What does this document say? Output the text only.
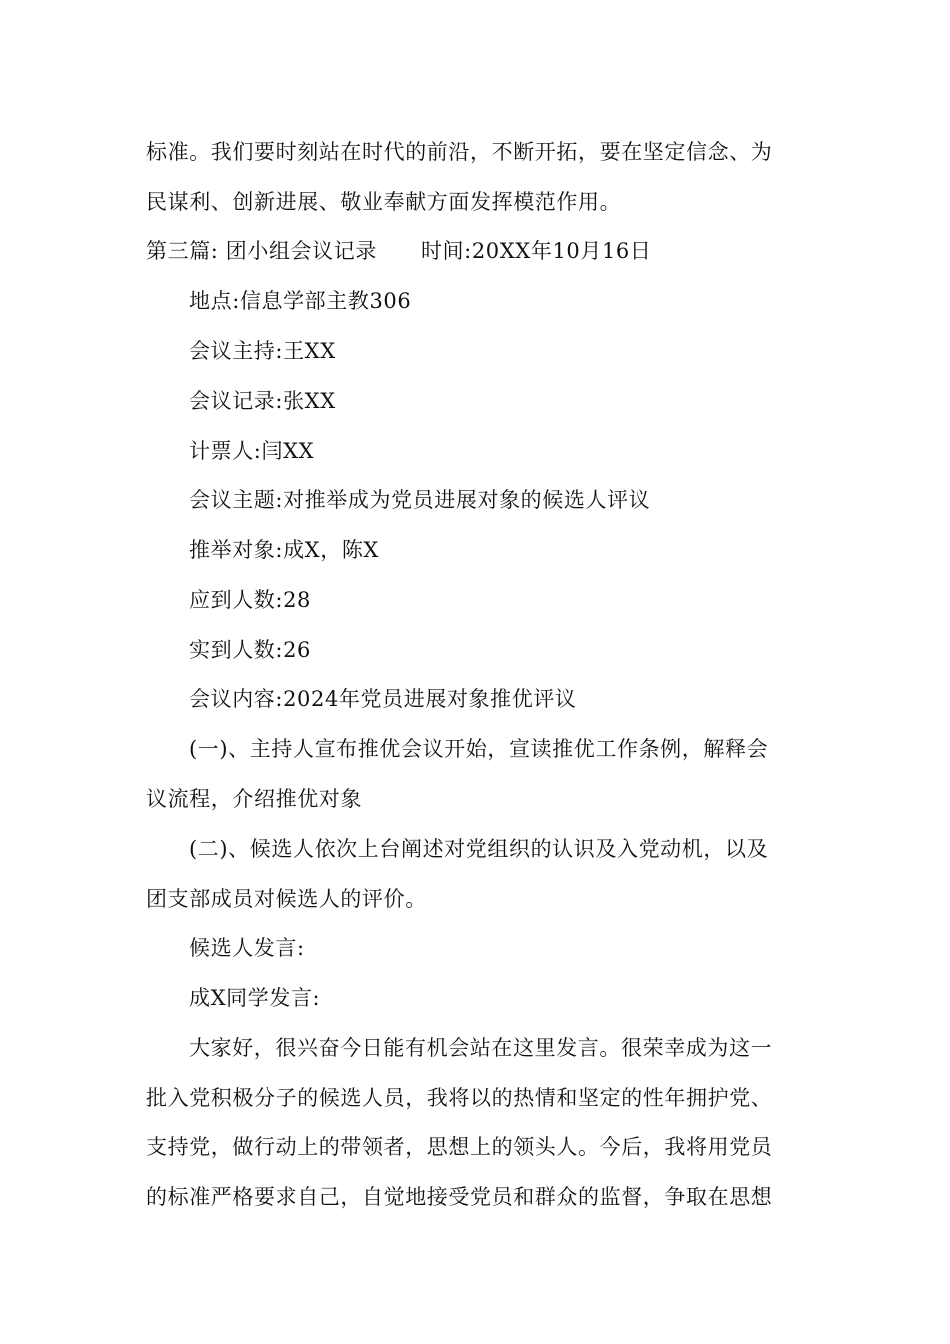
标准。我们要时刻站在时代的前沿，不断开拓，要在坚定信念、为
民谋利、创新进展、敬业奉献方面发挥模范作用。
第三篇: 团小组会议记录 时间:20XX年10月16日
地点:信息学部主教306
会议主持:王XX
会议记录:张XX
计票人:闫XX
会议主题:对推举成为党员进展对象的候选人评议
推举对象:成X，陈X
应到人数:28
实到人数:26
会议内容:2024年党员进展对象推优评议
(一)、主持人宣布推优会议开始，宣读推优工作条例，解释会
议流程，介绍推优对象
(二)、候选人依次上台阐述对党组织的认识及入党动机，以及
团支部成员对候选人的评价。
候选人发言:
成X同学发言:
大家好，很兴奋今日能有机会站在这里发言。很荣幸成为这一
批入党积极分子的候选人员，我将以的热情和坚定的性年拥护党、
支持党，做行动上的带领者，思想上的领头人。今后，我将用党员
的标准严格要求自己，自觉地接受党员和群众的监督，争取在思想
